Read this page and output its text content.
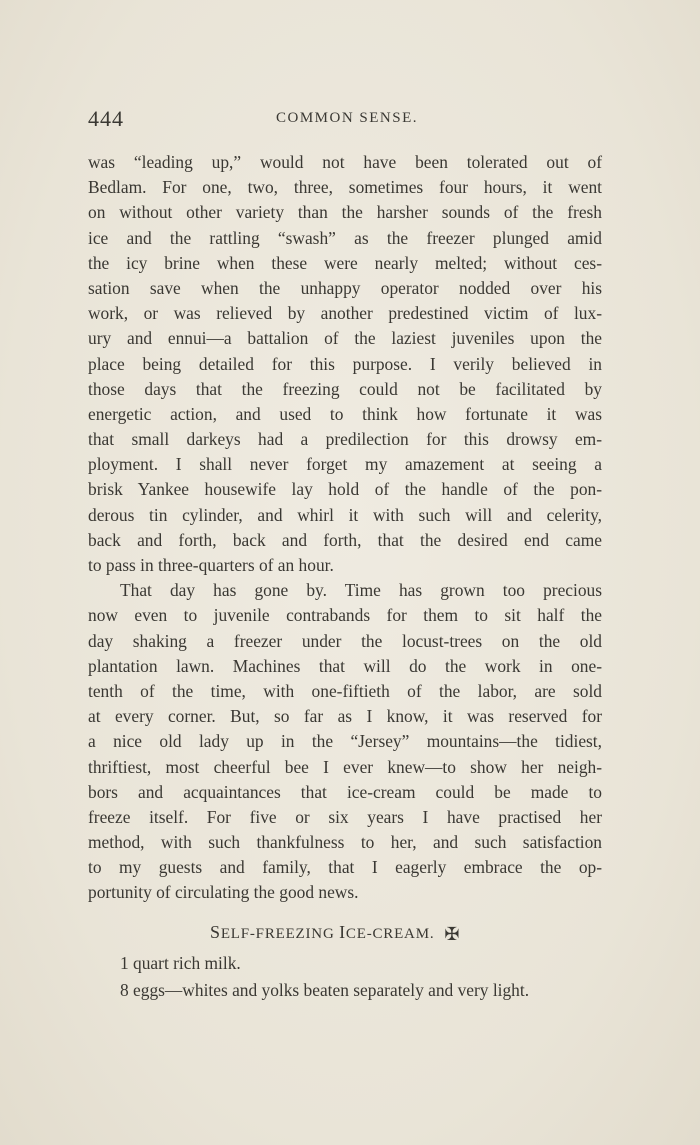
444	COMMON SENSE.
was “leading up,” would not have been tolerated out of
Bedlam. For one, two, three, sometimes four hours, it went
on without other variety than the harsher sounds of the fresh
ice and the rattling “swash” as the freezer plunged amid
the icy brine when these were nearly melted; without ces-
sation save when the unhappy operator nodded over his
work, or was relieved by another predestined victim of lux-
ury and ennui—a battalion of the laziest juveniles upon the
place being detailed for this purpose. I verily believed in
those days that the freezing could not be facilitated by
energetic action, and used to think how fortunate it was
that small darkeys had a predilection for this drowsy em-
ployment. I shall never forget my amazement at seeing a
brisk Yankee housewife lay hold of the handle of the pon-
derous tin cylinder, and whirl it with such will and celerity,
back and forth, back and forth, that the desired end came
to pass in three-quarters of an hour.
That day has gone by. Time has grown too precious
now even to juvenile contrabands for them to sit half the
day shaking a freezer under the locust-trees on the old
plantation lawn. Machines that will do the work in one-
tenth of the time, with one-fiftieth of the labor, are sold
at every corner. But, so far as I know, it was reserved for
a nice old lady up in the “Jersey” mountains—the tidiest,
thriftiest, most cheerful bee I ever knew—to show her neigh-
bors and acquaintances that ice-cream could be made to
freeze itself. For five or six years I have practised her
method, with such thankfulness to her, and such satisfaction
to my guests and family, that I eagerly embrace the op-
portunity of circulating the good news.
SELF-FREEZING ICE-CREAM. ✠
1 quart rich milk.
8 eggs—whites and yolks beaten separately and very light.
